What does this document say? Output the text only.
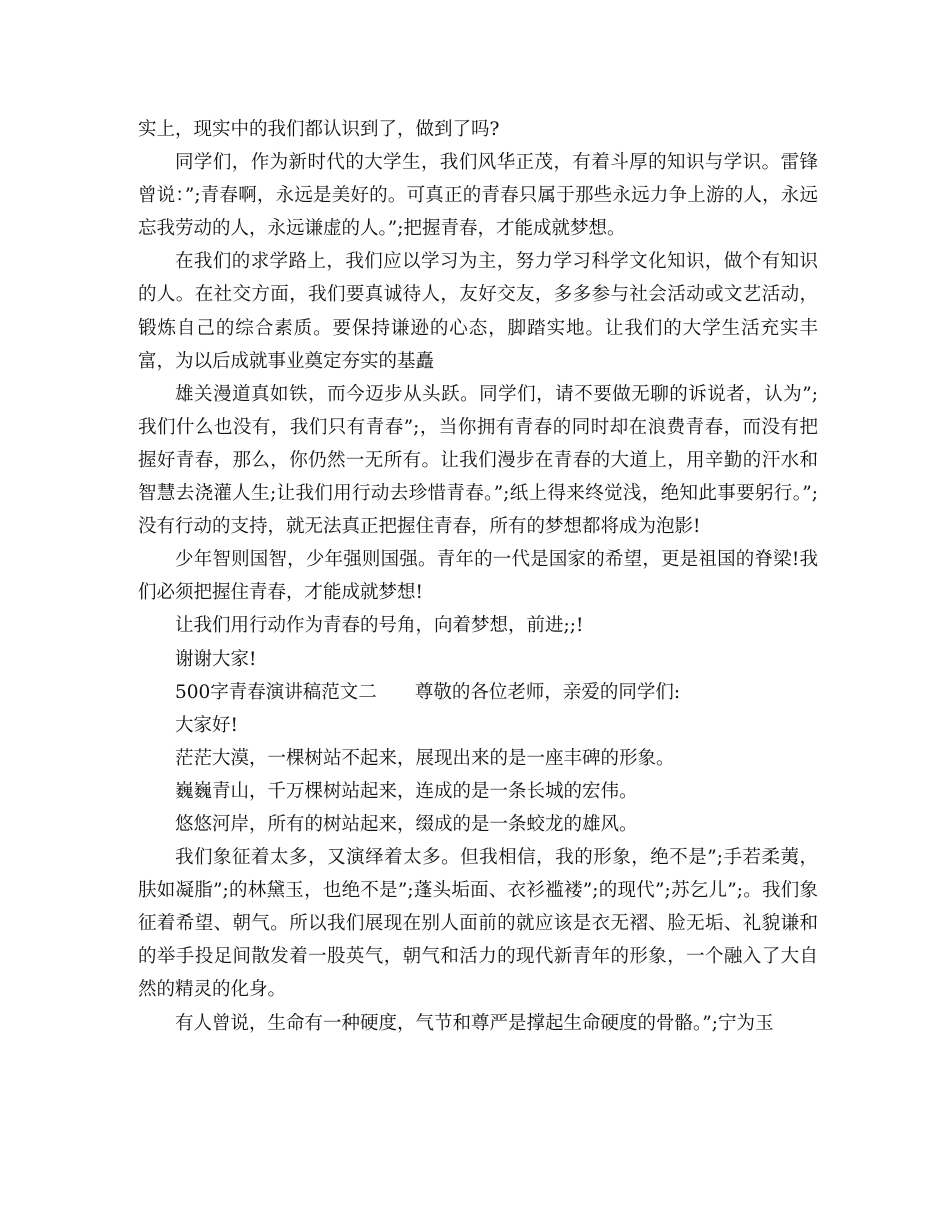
实上，现实中的我们都认识到了，做到了吗?

同学们，作为新时代的大学生，我们风华正茂，有着斗厚的知识与学识。雷锋曾说：”;青春啊，永远是美好的。可真正的青春只属于那些永远力争上游的人，永远忘我劳动的人，永远谦虚的人。”;把握青春，才能成就梦想。

在我们的求学路上，我们应以学习为主，努力学习科学文化知识，做个有知识的人。在社交方面，我们要真诚待人，友好交友，多多参与社会活动或文艺活动，锻炼自己的综合素质。要保持谦逊的心态，脚踏实地。让我们的大学生活充实丰富，为以后成就事业奠定夯实的基矗

雄关漫道真如铁，而今迈步从头跃。同学们，请不要做无聊的诉说者，认为”;我们什么也没有，我们只有青春”;，当你拥有青春的同时却在浪费青春，而没有把握好青春，那么，你仍然一无所有。让我们漫步在青春的大道上，用辛勤的汗水和智慧去浇灌人生;让我们用行动去珍惜青春。”;纸上得来终觉浅，绝知此事要躬行。”;没有行动的支持，就无法真正把握住青春，所有的梦想都将成为泡影!

少年智则国智，少年强则国强。青年的一代是国家的希望，更是祖国的脊梁!我们必须把握住青春，才能成就梦想!

让我们用行动作为青春的号角，向着梦想，前进;;!

谢谢大家!

500字青春演讲稿范文二 尊敬的各位老师，亲爱的同学们:

大家好!

茫茫大漠，一棵树站不起来，展现出来的是一座丰碑的形象。

巍巍青山，千万棵树站起来，连成的是一条长城的宏伟。

悠悠河岸，所有的树站起来，缀成的是一条蛟龙的雄风。

我们象征着太多，又演绎着太多。但我相信，我的形象，绝不是”;手若柔荑，肤如凝脂”;的林黛玉，也绝不是”;蓬头垢面、衣衫褴褛”;的现代”;苏乞儿”;。我们象征着希望、朝气。所以我们展现在别人面前的就应该是衣无褶、脸无垢、礼貌谦和的举手投足间散发着一股英气，朝气和活力的现代新青年的形象，一个融入了大自然的精灵的化身。

有人曾说，生命有一种硬度，气节和尊严是撑起生命硬度的骨骼。”;宁为玉
